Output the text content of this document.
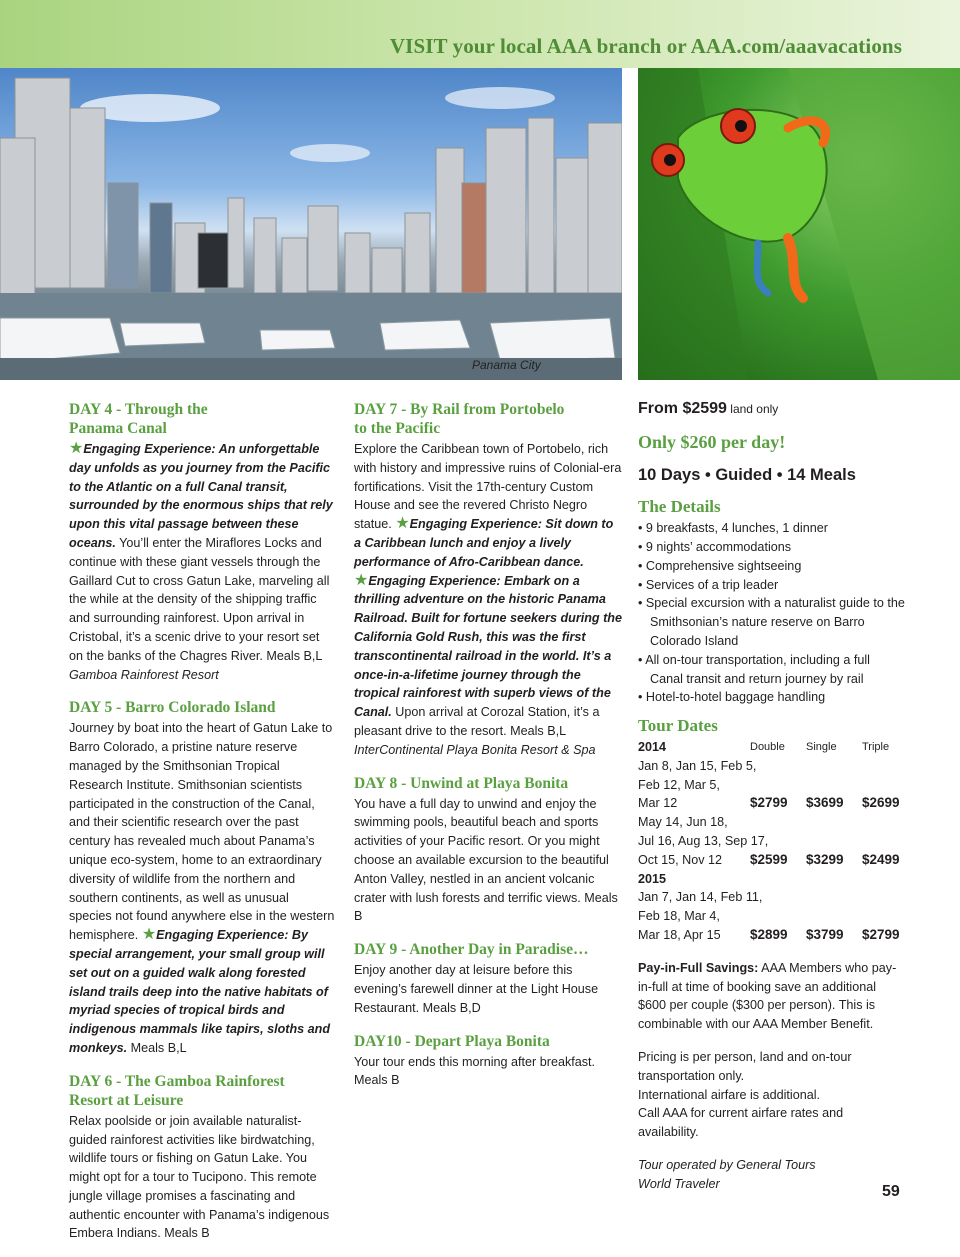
VISIT your local AAA branch or AAA.com/aaavacations
Panama City
DAY 4 - Through the
Panama Canal

★Engaging Experience: An unforgettable day unfolds as you journey from the Pacific to the Atlantic on a full Canal transit, surrounded by the enormous ships that rely upon this vital passage between these oceans. You’ll enter the Miraflores Locks and continue with these giant vessels through the Gaillard Cut to cross Gatun Lake, marveling all the while at the density of the shipping traffic and surrounding rainforest. Upon arrival in Cristobal, it’s a scenic drive to your resort set on the banks of the Chagres River. Meals B,L
Gamboa Rainforest Resort

DAY 5 - Barro Colorado Island

Journey by boat into the heart of Gatun Lake to Barro Colorado, a pristine nature reserve managed by the Smithsonian Tropical Research Institute. Smithsonian scientists participated in the construction of the Canal, and their scientific research over the past century has revealed much about Panama’s unique eco-system, home to an extraordinary diversity of wildlife from the northern and southern continents, as well as unusual species not found anywhere else in the western hemisphere. ★Engaging Experience: By special arrangement, your small group will set out on a guided walk along forested island trails deep into the native habitats of myriad species of tropical birds and indigenous mammals like tapirs, sloths and monkeys. Meals B,L

DAY 6 - The Gamboa Rainforest
Resort at Leisure

Relax poolside or join available naturalist-guided rainforest activities like birdwatching, wildlife tours or fishing on Gatun Lake. You might opt for a tour to Tucipono. This remote jungle village promises a fascinating and authentic encounter with Panama’s indigenous Embera Indians. Meals B

DAY 7 - By Rail from Portobelo
to the Pacific

Explore the Caribbean town of Portobelo, rich with history and impressive ruins of Colonial-era fortifications. Visit the 17th-century Custom House and see the revered Christo Negro statue. ★Engaging Experience: Sit down to a Caribbean lunch and enjoy a lively performance of Afro-Caribbean dance.
★Engaging Experience: Embark on a thrilling adventure on the historic Panama Railroad. Built for fortune seekers during the California Gold Rush, this was the first transcontinental railroad in the world. It’s a once-in-a-lifetime journey through the tropical rainforest with superb views of the Canal. Upon arrival at Corozal Station, it’s a pleasant drive to the resort. Meals B,L
InterContinental Playa Bonita Resort & Spa

DAY 8 - Unwind at Playa Bonita

You have a full day to unwind and enjoy the swimming pools, beautiful beach and sports activities of your Pacific resort. Or you might choose an available excursion to the beautiful Anton Valley, nestled in an ancient volcanic crater with lush forests and terrific views. Meals B

DAY 9 - Another Day in Paradise…

Enjoy another day at leisure before this evening’s farewell dinner at the Light House Restaurant. Meals B,D

DAY10 - Depart Playa Bonita

Your tour ends this morning after breakfast. Meals B

From $2599 land only

Only $260 per day!

10 Days • Guided • 14 Meals

The Details
• 9 breakfasts, 4 lunches, 1 dinner
• 9 nights’ accommodations
• Comprehensive sightseeing
• Services of a trip leader
• Special excursion with a naturalist guide to the Smithsonian’s nature reserve on Barro Colorado Island
• All on-tour transportation, including a full Canal transit and return journey by rail
• Hotel-to-hotel baggage handling
Tour Dates
2014	Double	Single	Triple
Jan 8, Jan 15, Feb 5,			
Feb 12, Mar 5,			
Mar 12	$2799	$3699	$2699
May 14, Jun 18,			
Jul 16, Aug 13, Sep 17,			
Oct 15, Nov 12	$2599	$3299	$2499
2015			
Jan 7, Jan 14, Feb 11,			
Feb 18, Mar 4,			
Mar 18, Apr 15	$2899	$3799	$2799

Pay-in-Full Savings: AAA Members who pay-in-full at time of booking save an additional $600 per couple ($300 per person). This is combinable with our AAA Member Benefit.

Pricing is per person, land and on-tour transportation only.
International airfare is additional.
Call AAA for current airfare rates and availability.

Tour operated by General Tours
World Traveler	59
